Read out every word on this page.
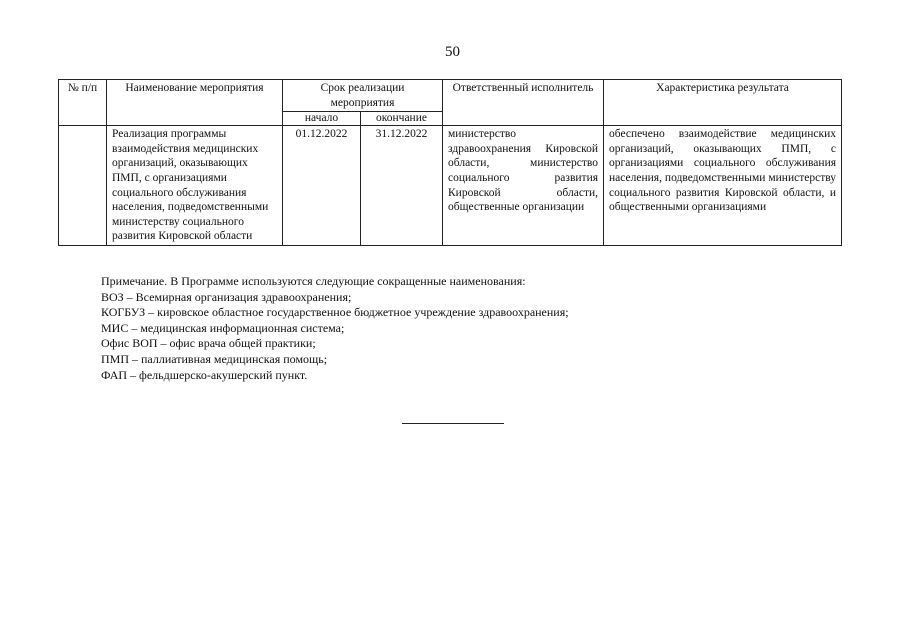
50
№ п/п	Наименование мероприятия	Срок реализации мероприятия		Ответственный исполнитель	Характеристика результата
		начало	окончание		
	Реализация программы взаимодействия медицинских организаций, оказывающих ПМП, с организациями социального обслуживания населения, подведомственными министерству социального развития Кировской области	01.12.2022	31.12.2022	министерство здравоохранения Кировской области, министерство социального развития Кировской области, общественные организации	обеспечено взаимодействие медицинских организаций, оказывающих ПМП, с организациями социального обслуживания населения, подведомственными министерству социального развития Кировской области, и общественными организациями
Примечание. В Программе используются следующие сокращенные наименования:
ВОЗ – Всемирная организация здравоохранения;
КОГБУЗ – кировское областное государственное бюджетное учреждение здравоохранения;
МИС – медицинская информационная система;
Офис ВОП – офис врача общей практики;
ПМП – паллиативная медицинская помощь;
ФАП – фельдшерско-акушерский пункт.
